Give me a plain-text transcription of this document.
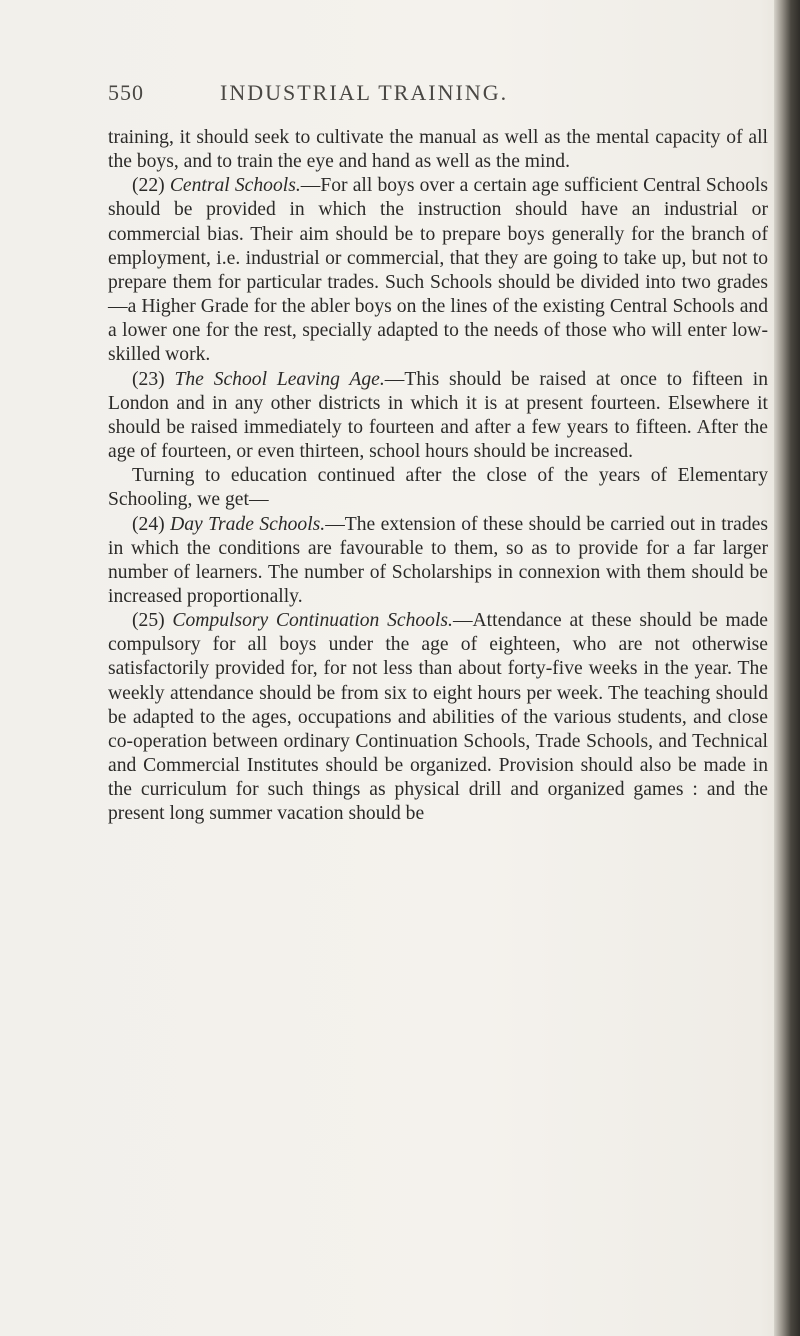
550	INDUSTRIAL TRAINING.

training, it should seek to cultivate the manual as well as the mental capacity of all the boys, and to train the eye and hand as well as the mind.

(22) Central Schools.—For all boys over a certain age sufficient Central Schools should be provided in which the instruction should have an industrial or commercial bias. Their aim should be to prepare boys generally for the branch of employment, i.e. industrial or commercial, that they are going to take up, but not to prepare them for particular trades. Such Schools should be divided into two grades—a Higher Grade for the abler boys on the lines of the existing Central Schools and a lower one for the rest, specially adapted to the needs of those who will enter low-skilled work.

(23) The School Leaving Age.—This should be raised at once to fifteen in London and in any other districts in which it is at present fourteen. Elsewhere it should be raised immediately to fourteen and after a few years to fifteen. After the age of fourteen, or even thirteen, school hours should be increased.

Turning to education continued after the close of the years of Elementary Schooling, we get—

(24) Day Trade Schools.—The extension of these should be carried out in trades in which the conditions are favourable to them, so as to provide for a far larger number of learners. The number of Scholarships in connexion with them should be increased proportionally.

(25) Compulsory Continuation Schools.—Attendance at these should be made compulsory for all boys under the age of eighteen, who are not otherwise satisfactorily provided for, for not less than about forty-five weeks in the year. The weekly attendance should be from six to eight hours per week. The teaching should be adapted to the ages, occupations and abilities of the various students, and close co-operation between ordinary Continuation Schools, Trade Schools, and Technical and Commercial Institutes should be organized. Provision should also be made in the curriculum for such things as physical drill and organized games : and the present long summer vacation should be
